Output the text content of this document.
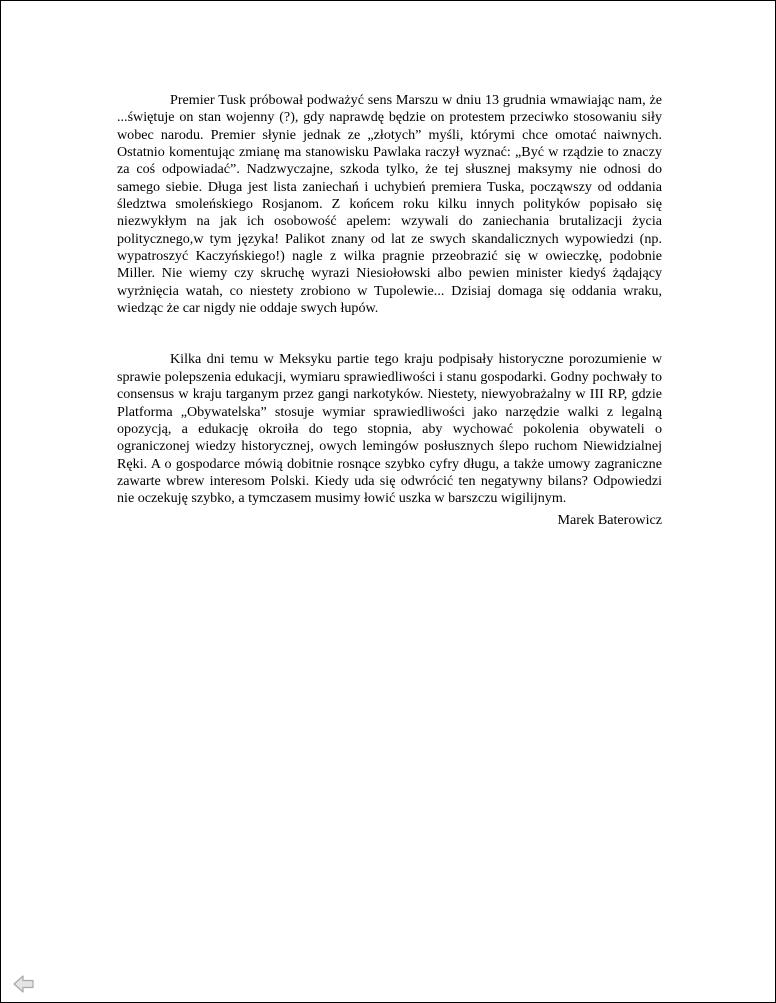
Premier Tusk próbował podważyć sens Marszu w dniu 13 grudnia wmawiając nam, że ...świętuje on stan wojenny (?), gdy naprawdę będzie on protestem przeciwko stosowaniu siły wobec narodu. Premier słynie jednak ze „złotych” myśli, którymi chce omotać naiwnych. Ostatnio komentując zmianę ma stanowisku Pawlaka raczył wyznać: „Być w rządzie to znaczy za coś odpowiadać”. Nadzwyczajne, szkoda tylko, że tej słusznej maksymy nie odnosi do samego siebie. Długa jest lista zaniechań i uchybień premiera Tuska, począwszy od oddania śledztwa smoleńskiego Rosjanom. Z końcem roku kilku innych polityków popisało się niezwykłym na jak ich osobowość apelem: wzywali do zaniechania brutalizacji życia politycznego,w tym języka! Palikot znany od lat ze swych skandalicznych wypowiedzi (np. wypatroszyć Kaczyńskiego!) nagle z wilka pragnie przeobrazić się w owieczkę, podobnie Miller. Nie wiemy czy skruchę wyrazi Niesiołowski albo pewien minister kiedyś żądający wyrżnięcia watah, co niestety zrobiono w Tupolewie... Dzisiaj domaga się oddania wraku, wiedząc że car nigdy nie oddaje swych łupów.

Kilka dni temu w Meksyku partie tego kraju podpisały historyczne porozumienie w sprawie polepszenia edukacji, wymiaru sprawiedliwości i stanu gospodarki. Godny pochwały to consensus w kraju targanym przez gangi narkotyków. Niestety, niewyobrażalny w III RP, gdzie Platforma „Obywatelska” stosuje wymiar sprawiedliwości jako narzędzie walki z legalną opozycją, a edukację okroiła do tego stopnia, aby wychować pokolenia obywateli o ograniczonej wiedzy historycznej, owych lemingów posłusznych ślepo ruchom Niewidzialnej Ręki. A o gospodarce mówią dobitnie rosnące szybko cyfry długu, a także umowy zagraniczne zawarte wbrew interesom Polski. Kiedy uda się odwrócić ten negatywny bilans? Odpowiedzi nie oczekuję szybko, a tymczasem musimy łowić uszka w barszczu wigilijnym.

Marek Baterowicz
